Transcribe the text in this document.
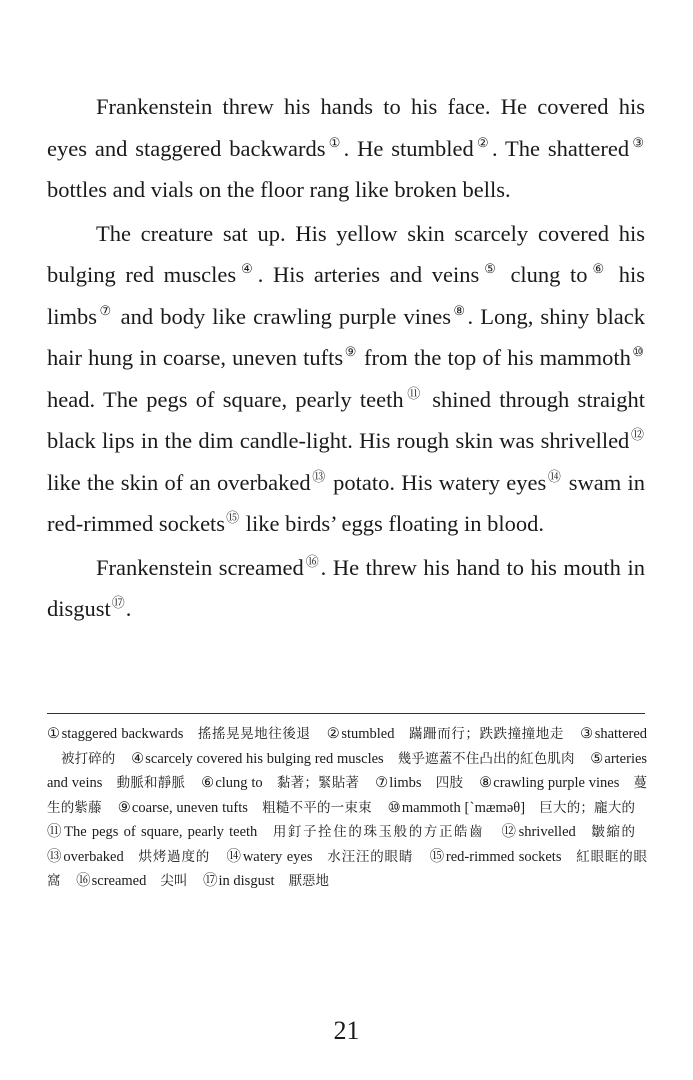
Frankenstein threw his hands to his face. He covered his eyes and staggered backwards①. He stumbled②. The shattered③ bottles and vials on the floor rang like broken bells.

The creature sat up. His yellow skin scarcely covered his bulging red muscles④. His arteries and veins⑤ clung to⑥ his limbs⑦ and body like crawling purple vines⑧. Long, shiny black hair hung in coarse, uneven tufts⑨ from the top of his mammoth⑩ head. The pegs of square, pearly teeth⑪ shined through straight black lips in the dim candle-light. His rough skin was shrivelled⑫ like the skin of an overbaked⑬ potato. His watery eyes⑭ swam in red-rimmed sockets⑮ like birds’ eggs floating in blood.

Frankenstein screamed⑯. He threw his hand to his mouth in disgust⑰.

①staggered backwards 搖搖晃晃地往後退 ②stumbled 蹣跚而行；跌跌撞撞地走 ③shattered被打碎的 ④scarcely covered his bulging red muscles 幾乎遮蓋不住凸出的紅色肌肉 ⑤arteries and veins 動脈和靜脈 ⑥clung to 黏著；緊貼著 ⑦limbs 四肢 ⑧crawling purple vines 蔓生的紫藤 ⑨coarse, uneven tufts 粗糙不平的一束束 ⑩mammoth [ˋmæməθ] 巨大的；龐大的 ⑪The pegs of square, pearly teeth 用釘子拴住的珠玉般的方正皓齒 ⑫shrivelled 皺縮的 ⑬overbaked 烘烤過度的 ⑭watery eyes 水汪汪的眼睛 ⑮red-rimmed sockets 紅眼眶的眼窩 ⑯screamed 尖叫 ⑰in disgust 厭惡地
21
